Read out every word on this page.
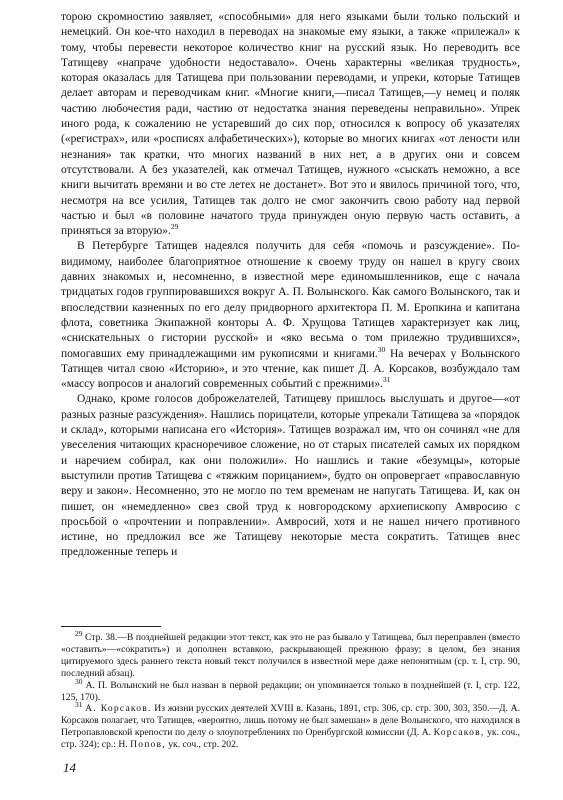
торою скромностию заявляет, «способными» для него языками были только польский и немецкий. Он кое-что находил в переводах на знакомые ему языки, а также «прилежал» к тому, чтобы перевести некоторое количество книг на русский язык. Но переводить все Татищеву «напраче удобности недоставало». Очень характерны «великая трудность», которая оказалась для Татищева при пользовании переводами, и упреки, которые Татищев делает авторам и переводчикам книг. «Многие книги,—писал Татищев,—у немец и поляк частию любочестия ради, частию от недостатка знания переведены неправильно». Упрек иного рода, к сожалению не устаревший до сих пор, относился к вопросу об указателях («регистрах», или «росписях алфабетических»), которые во многих книгах «от лености или незнания» так кратки, что многих названий в них нет, а в других они и совсем отсутствовали. А без указателей, как отмечал Татищев, нужного «сыскать неможно, а все книги вычитать времяни и во сте летех не достанет». Вот это и явилось причиной того, что, несмотря на все усилия, Татищев так долго не смог закончить свою работу над первой частью и был «в половине начатого труда принужден оную первую часть оставить, а приняться за вторую».$^{29}$

В Петербурге Татищев надеялся получить для себя «помочь и разсуждение». По-видимому, наиболее благоприятное отношение к своему труду он нашел в кругу своих давних знакомых и, несомненно, в известной мере единомышленников, еще с начала тридцатых годов группировавшихся вокруг А. П. Волынского. Как самого Волынского, так и впоследствии казненных по его делу придворного архитектора П. М. Еропкина и капитана флота, советника Экипажной конторы А. Ф. Хрущова Татищев характеризует как лиц, «снискательных о гистории русской» и «яко весьма о том прилежно трудившихся», помогавших ему принадлежащими им рукописями и книгами.$^{30}$ На вечерах у Волынского Татищев читал свою «Историю», и это чтение, как пишет Д. А. Корсаков, возбуждало там «массу вопросов и аналогий современных событий с прежними».$^{31}$

Однако, кроме голосов доброжелателей, Татищеву пришлось выслушать и другое—«от разных разные разсуждения». Нашлись порицатели, которые упрекали Татищева за «порядок и склад», которыми написана его «История». Татищев возражал им, что он сочинял «не для увеселения читающих красноречивое сложение, но от старых писателей самых их порядком и наречием собирал, как они положили». Но нашлись и такие «безумцы», которые выступили против Татищева с «тяжким порицанием», будто он опровергает «православную веру и закон». Несомненно, это не могло по тем временам не напугать Татищева. И, как он пишет, он «немедленно» свез свой труд к новгородскому архиепископу Амвросию с просьбой о «прочтении и поправлении». Амвросий, хотя и не нашел ничего противного истине, но предложил все же Татищеву некоторые места сократить. Татищев внес предложенные теперь и

$^{29}$ Стр. 38.—В позднейшей редакции этот текст, как это не раз бывало у Татищева, был переправлен (вместо «оставить»—«сократить») и дополнен вставкою, раскрывающей прежнюю фразу; в целом, без знания цитируемого здесь раннего текста новый текст получился в известной мере даже непонятным (ср. т. I, стр. 90, последний абзац).

$^{30}$ А. П. Волынский не был назван в первой редакции; он упоминается только в позднейшей (т. I, стр. 122, 125, 170).

$^{31}$ А. Корсаков. Из жизни русских деятелей XVIII в. Казань, 1891, стр. 306, ср. стр. 300, 303, 350.—Д. А. Корсаков полагает, что Татищев, «вероятно, лишь потому не был замешан» в деле Волынского, что находился в Петропавловской крепости по делу о злоупотреблениях по Оренбургской комиссии (Д. А. Корсаков, ук. соч., стр. 324); ср.: Н. Попов, ук. соч., стр. 202.

14
